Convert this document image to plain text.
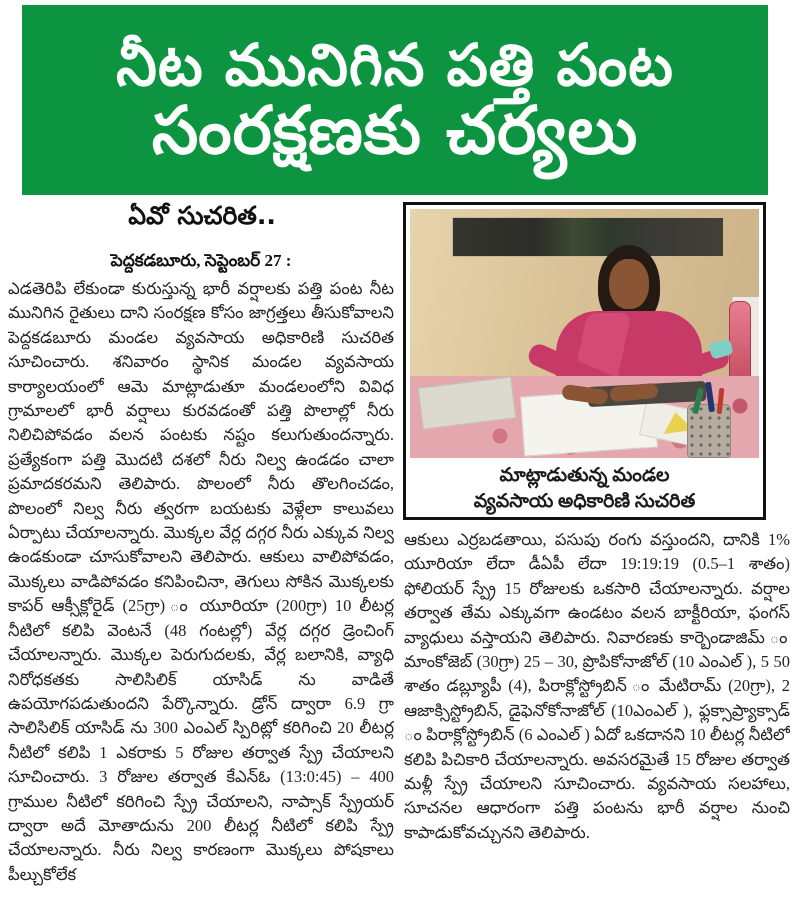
నీట మునిగిన పత్తి పంట
సంరక్షణకు చర్యలు
ఏవో సుచరిత..
మాట్లాడుతున్న మండల
వ్యవసాయ అధికారిణి సుచరిత
పెద్దకడబూరు, సెప్టెంబర్ 27 :
ఎడతెరిపి లేకుండా కురుస్తున్న భారీ వర్షాలకు పత్తి పంట నీట మునిగిన రైతులు దాని సంరక్షణ కోసం జాగ్రత్తలు తీసుకోవాలని పెద్దకడబూరు మండల వ్యవసాయ అధికారిణి సుచరిత సూచించారు. శనివారం స్థానిక మండల వ్యవసాయ కార్యాలయంలో ఆమె మాట్లాడుతూ మండలంలోని వివిధ గ్రామాలలో భారీ వర్షాలు కురవడంతో పత్తి పొలాల్లో నీరు నిలిచిపోవడం వలన పంటకు నష్టం కలుగుతుందన్నారు. ప్రత్యేకంగా పత్తి మొదటి దశలో నీరు నిల్వ ఉండడం చాలా ప్రమాదకరమని తెలిపారు. పొలంలో నీరు తొలగించడం, పొలంలో నిల్వ నీరు త్వరగా బయటకు వెళ్లేలా కాలువలు ఏర్పాటు చేయాలన్నారు. మొక్కల వేర్ల దగ్గర నీరు ఎక్కువ నిల్వ ఉండకుండా చూసుకోవాలని తెలిపారు. ఆకులు వాలిపోవడం, మొక్కలు వాడిపోవడం కనిపించినా, తెగులు సోకిన మొక్కలకు కాపర్ ఆక్సీక్లోరైడ్ (25గ్రా) ం యూరియా (200గ్రా) 10 లీటర్ల నీటిలో కలిపి వెంటనే (48 గంటల్లో) వేర్ల దగ్గర డ్రెంచింగ్ చేయాలన్నారు. మొక్కల పెరుగుదలకు, వేర్ల బలానికి, వ్యాధి నిరోధకతకు సాలిసిలిక్ యాసిడ్ ను వాడితే ఉపయోగపడుతుందని పేర్కొన్నారు. డ్రోన్ ద్వారా 6.9 గ్రా సాలిసిలిక్ యాసిడ్ ను 300 ఎంఎల్ స్పిరిట్లో కరిగించి 20 లీటర్ల నీటిలో కలిపి 1 ఎకరాకు 5 రోజుల తర్వాత స్ప్రే చేయాలని సూచించారు. 3 రోజుల తర్వాత కేఎన్ఓ (13:0:45) – 400 గ్రాముల నీటిలో కరిగించి స్ప్రే చేయాలని, నాప్సాక్ స్ప్రేయర్ ద్వారా అదే మోతాదును 200 లీటర్ల నీటిలో కలిపి స్ప్రే చేయాలన్నారు. నీరు నిల్వ కారణంగా మొక్కలు పోషకాలు పీల్చుకోలేక
ఆకులు ఎర్రబడతాయి, పసుపు రంగు వస్తుందని, దానికి 1% యూరియా లేదా డీఏపీ లేదా 19:19:19 (0.5–1 శాతం) ఫోలియర్ స్ప్రే 15 రోజులకు ఒకసారి చేయాలన్నారు. వర్షాల తర్వాత తేమ ఎక్కువగా ఉండటం వలన బాక్టీరియా, ఫంగస్ వ్యాధులు వస్తాయని తెలిపారు. నివారణకు కార్బెండాజిమ్ ం మాంకోజెబ్ (30గ్రా) 25 – 30, ప్రొపికోనాజోల్ (10 ఎంఎల్ ), 5 50 శాతం డబ్ల్యూపీ (4), పిరాక్లోస్ట్రోబిన్ ం మేటిరామ్ (20గ్రా), 2 ఆజాక్సిస్ట్రోబిన్, డైఫెనోకోనాజోల్ (10ఎంఎల్ ), ఫ్లక్సాప్ర్యాక్సాడ్ ం పిరాక్లోస్ట్రోబిన్ (6 ఎంఎల్ ) ఏదో ఒకదానని 10 లీటర్ల నీటిలో కలిపి పిచికారి చేయాలన్నారు. అవసరమైతే 15 రోజుల తర్వాత మళ్లీ స్ప్రే చేయాలని సూచించారు. వ్యవసాయ సలహాలు, సూచనల ఆధారంగా పత్తి పంటను భారీ వర్షాల నుంచి కాపాడుకోవచ్చునని తెలిపారు.
